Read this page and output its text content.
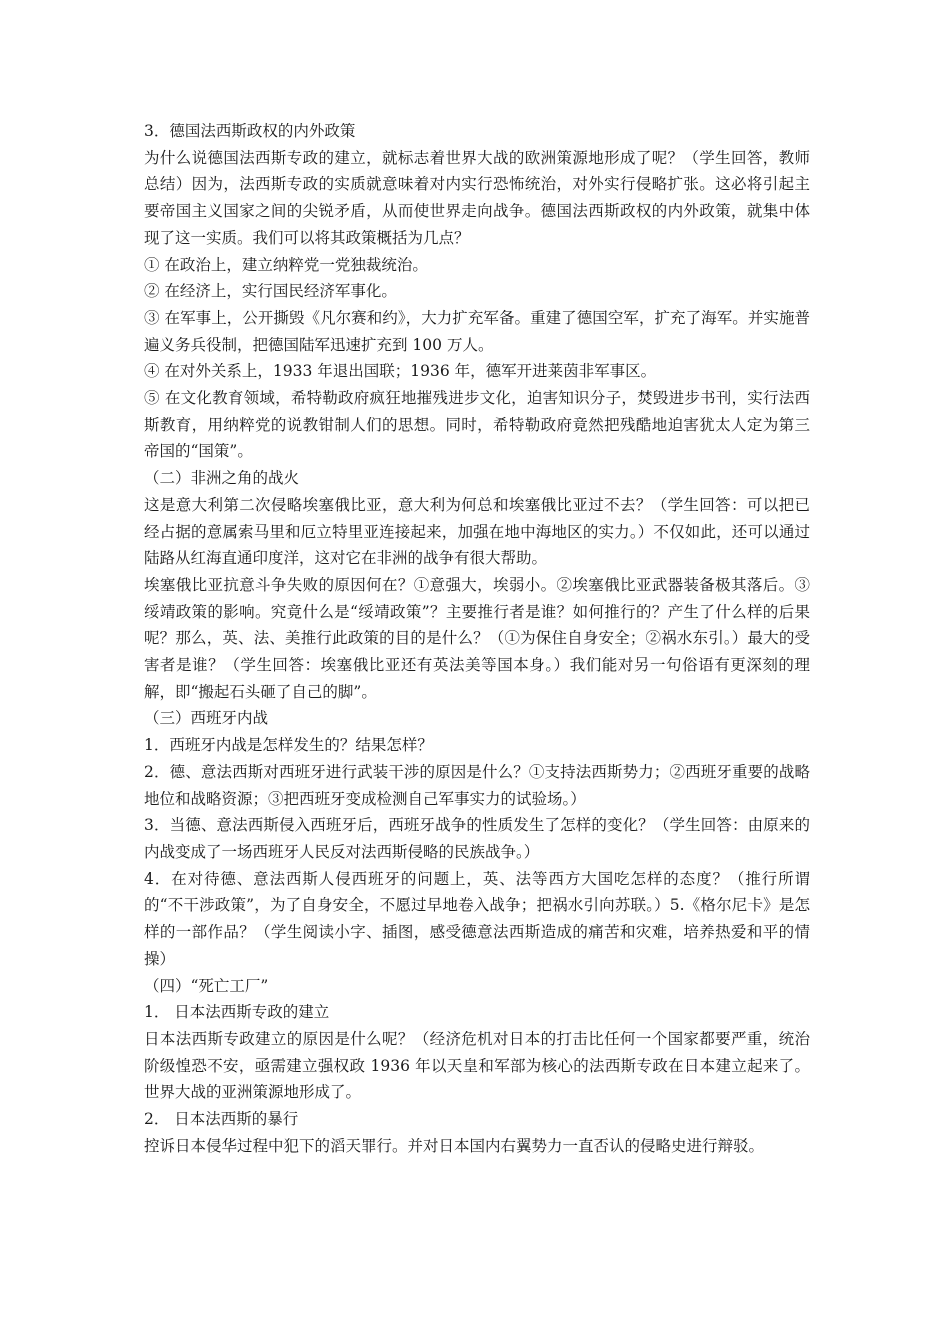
3．德国法西斯政权的内外政策

为什么说德国法西斯专政的建立，就标志着世界大战的欧洲策源地形成了呢？（学生回答，教师总结）因为，法西斯专政的实质就意味着对内实行恐怖统治，对外实行侵略扩张。这必将引起主要帝国主义国家之间的尖锐矛盾，从而使世界走向战争。德国法西斯政权的内外政策，就集中体现了这一实质。我们可以将其政策概括为几点？

① 在政治上，建立纳粹党一党独裁统治。

② 在经济上，实行国民经济军事化。

③ 在军事上，公开撕毁《凡尔赛和约》，大力扩充军备。重建了德国空军，扩充了海军。并实施普遍义务兵役制，把德国陆军迅速扩充到 100 万人。

④ 在对外关系上，1933 年退出国联；1936 年，德军开进莱茵非军事区。

⑤ 在文化教育领域，希特勒政府疯狂地摧残进步文化，迫害知识分子，焚毁进步书刊，实行法西斯教育，用纳粹党的说教钳制人们的思想。同时，希特勒政府竟然把残酷地迫害犹太人定为第三帝国的“国策”。

（二）非洲之角的战火

这是意大利第二次侵略埃塞俄比亚，意大利为何总和埃塞俄比亚过不去？（学生回答：可以把已经占据的意属索马里和厄立特里亚连接起来，加强在地中海地区的实力。）不仅如此，还可以通过陆路从红海直通印度洋，这对它在非洲的战争有很大帮助。

埃塞俄比亚抗意斗争失败的原因何在？①意强大，埃弱小。②埃塞俄比亚武器装备极其落后。③绥靖政策的影响。究竟什么是“绥靖政策”？主要推行者是谁？如何推行的？产生了什么样的后果呢？那么，英、法、美推行此政策的目的是什么？（①为保住自身安全；②祸水东引。）最大的受害者是谁？（学生回答：埃塞俄比亚还有英法美等国本身。）我们能对另一句俗语有更深刻的理解，即“搬起石头砸了自己的脚”。

（三）西班牙内战

1．西班牙内战是怎样发生的？结果怎样？

2．德、意法西斯对西班牙进行武装干涉的原因是什么？①支持法西斯势力；②西班牙重要的战略地位和战略资源；③把西班牙变成检测自己军事实力的试验场。）

3．当德、意法西斯侵入西班牙后，西班牙战争的性质发生了怎样的变化？（学生回答：由原来的内战变成了一场西班牙人民反对法西斯侵略的民族战争。）

4．在对待德、意法西斯人侵西班牙的问题上，英、法等西方大国吃怎样的态度？（推行所谓的“不干涉政策”，为了自身安全，不愿过早地卷入战争；把祸水引向苏联。）5.《格尔尼卡》是怎样的一部作品？（学生阅读小字、插图，感受德意法西斯造成的痛苦和灾难，培养热爱和平的情操）

（四）“死亡工厂”

1． 日本法西斯专政的建立

日本法西斯专政建立的原因是什么呢？（经济危机对日本的打击比任何一个国家都要严重，统治阶级惶恐不安，亟需建立强权政 1936 年以天皇和军部为核心的法西斯专政在日本建立起来了。世界大战的亚洲策源地形成了。

2． 日本法西斯的暴行

控诉日本侵华过程中犯下的滔天罪行。并对日本国内右翼势力一直否认的侵略史进行辩驳。
